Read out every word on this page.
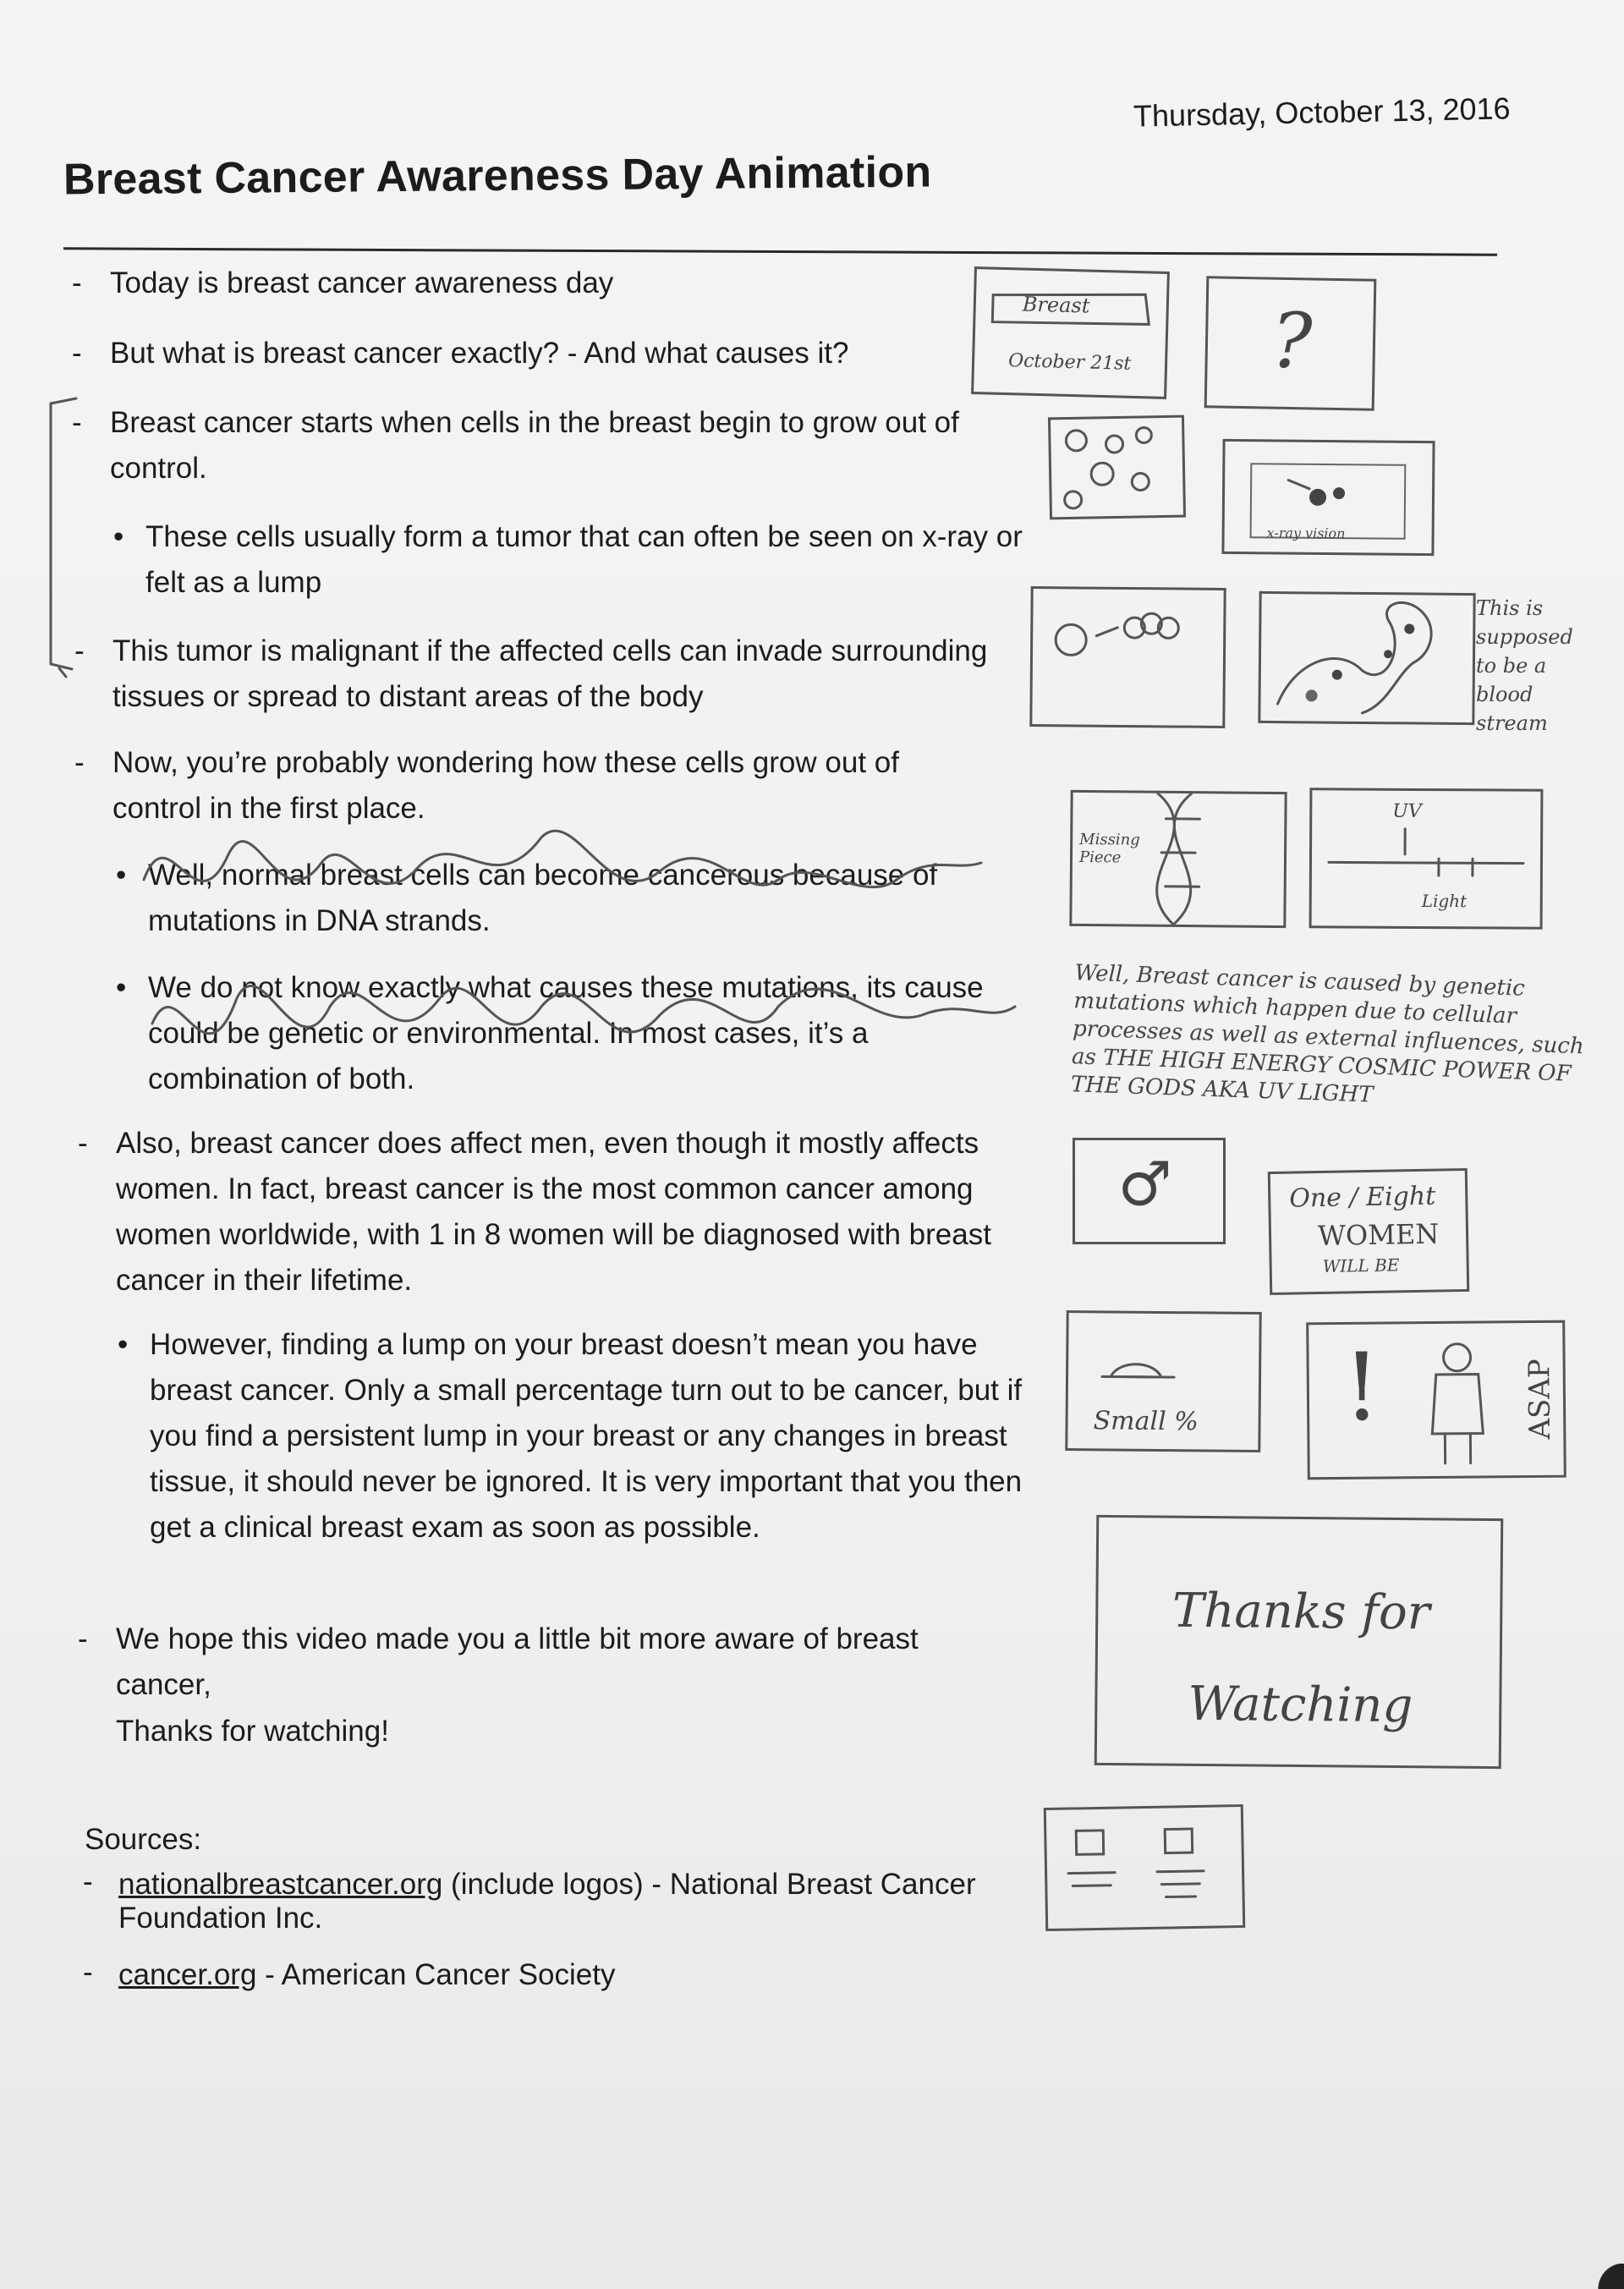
Thursday, October 13, 2016
Breast Cancer Awareness Day Animation
- Today is breast cancer awareness day
- But what is breast cancer exactly? - And what causes it?
- Breast cancer starts when cells in the breast begin to grow out of control.
• These cells usually form a tumor that can often be seen on x-ray or felt as a lump
- This tumor is malignant if the affected cells can invade surrounding tissues or spread to distant areas of the body
- Now, you’re probably wondering how these cells grow out of control in the first place.
• Well, normal breast cells can become cancerous because of mutations in DNA strands.
• We do not know exactly what causes these mutations, its cause could be genetic or environmental. In most cases, it’s a combination of both.
- Also, breast cancer does affect men, even though it mostly affects women. In fact, breast cancer is the most common cancer among women worldwide, with 1 in 8 women will be diagnosed with breast cancer in their lifetime.
• However, finding a lump on your breast doesn’t mean you have breast cancer. Only a small percentage turn out to be cancer, but if you find a persistent lump in your breast or any changes in breast tissue, it should never be ignored. It is very important that you then get a clinical breast exam as soon as possible.
- We hope this video made you a little bit more aware of breast cancer,
Thanks for watching!
Sources:
- nationalbreastcancer.org (include logos) - National Breast Cancer Foundation Inc.
- cancer.org - American Cancer Society
Breast
October 21st ?
x-ray vision
This is supposed to be a blood stream
Missing Piece
UV
Light
Well, Breast cancer is caused by genetic mutations which happen due to cellular processes as well as external influences, such as THE HIGH ENERGY COSMIC POWER OF THE GODS AKA UV LIGHT
♂	One / Eight
WOMEN
WILL BE
Small % !	ASAP
Thanks for Watching
